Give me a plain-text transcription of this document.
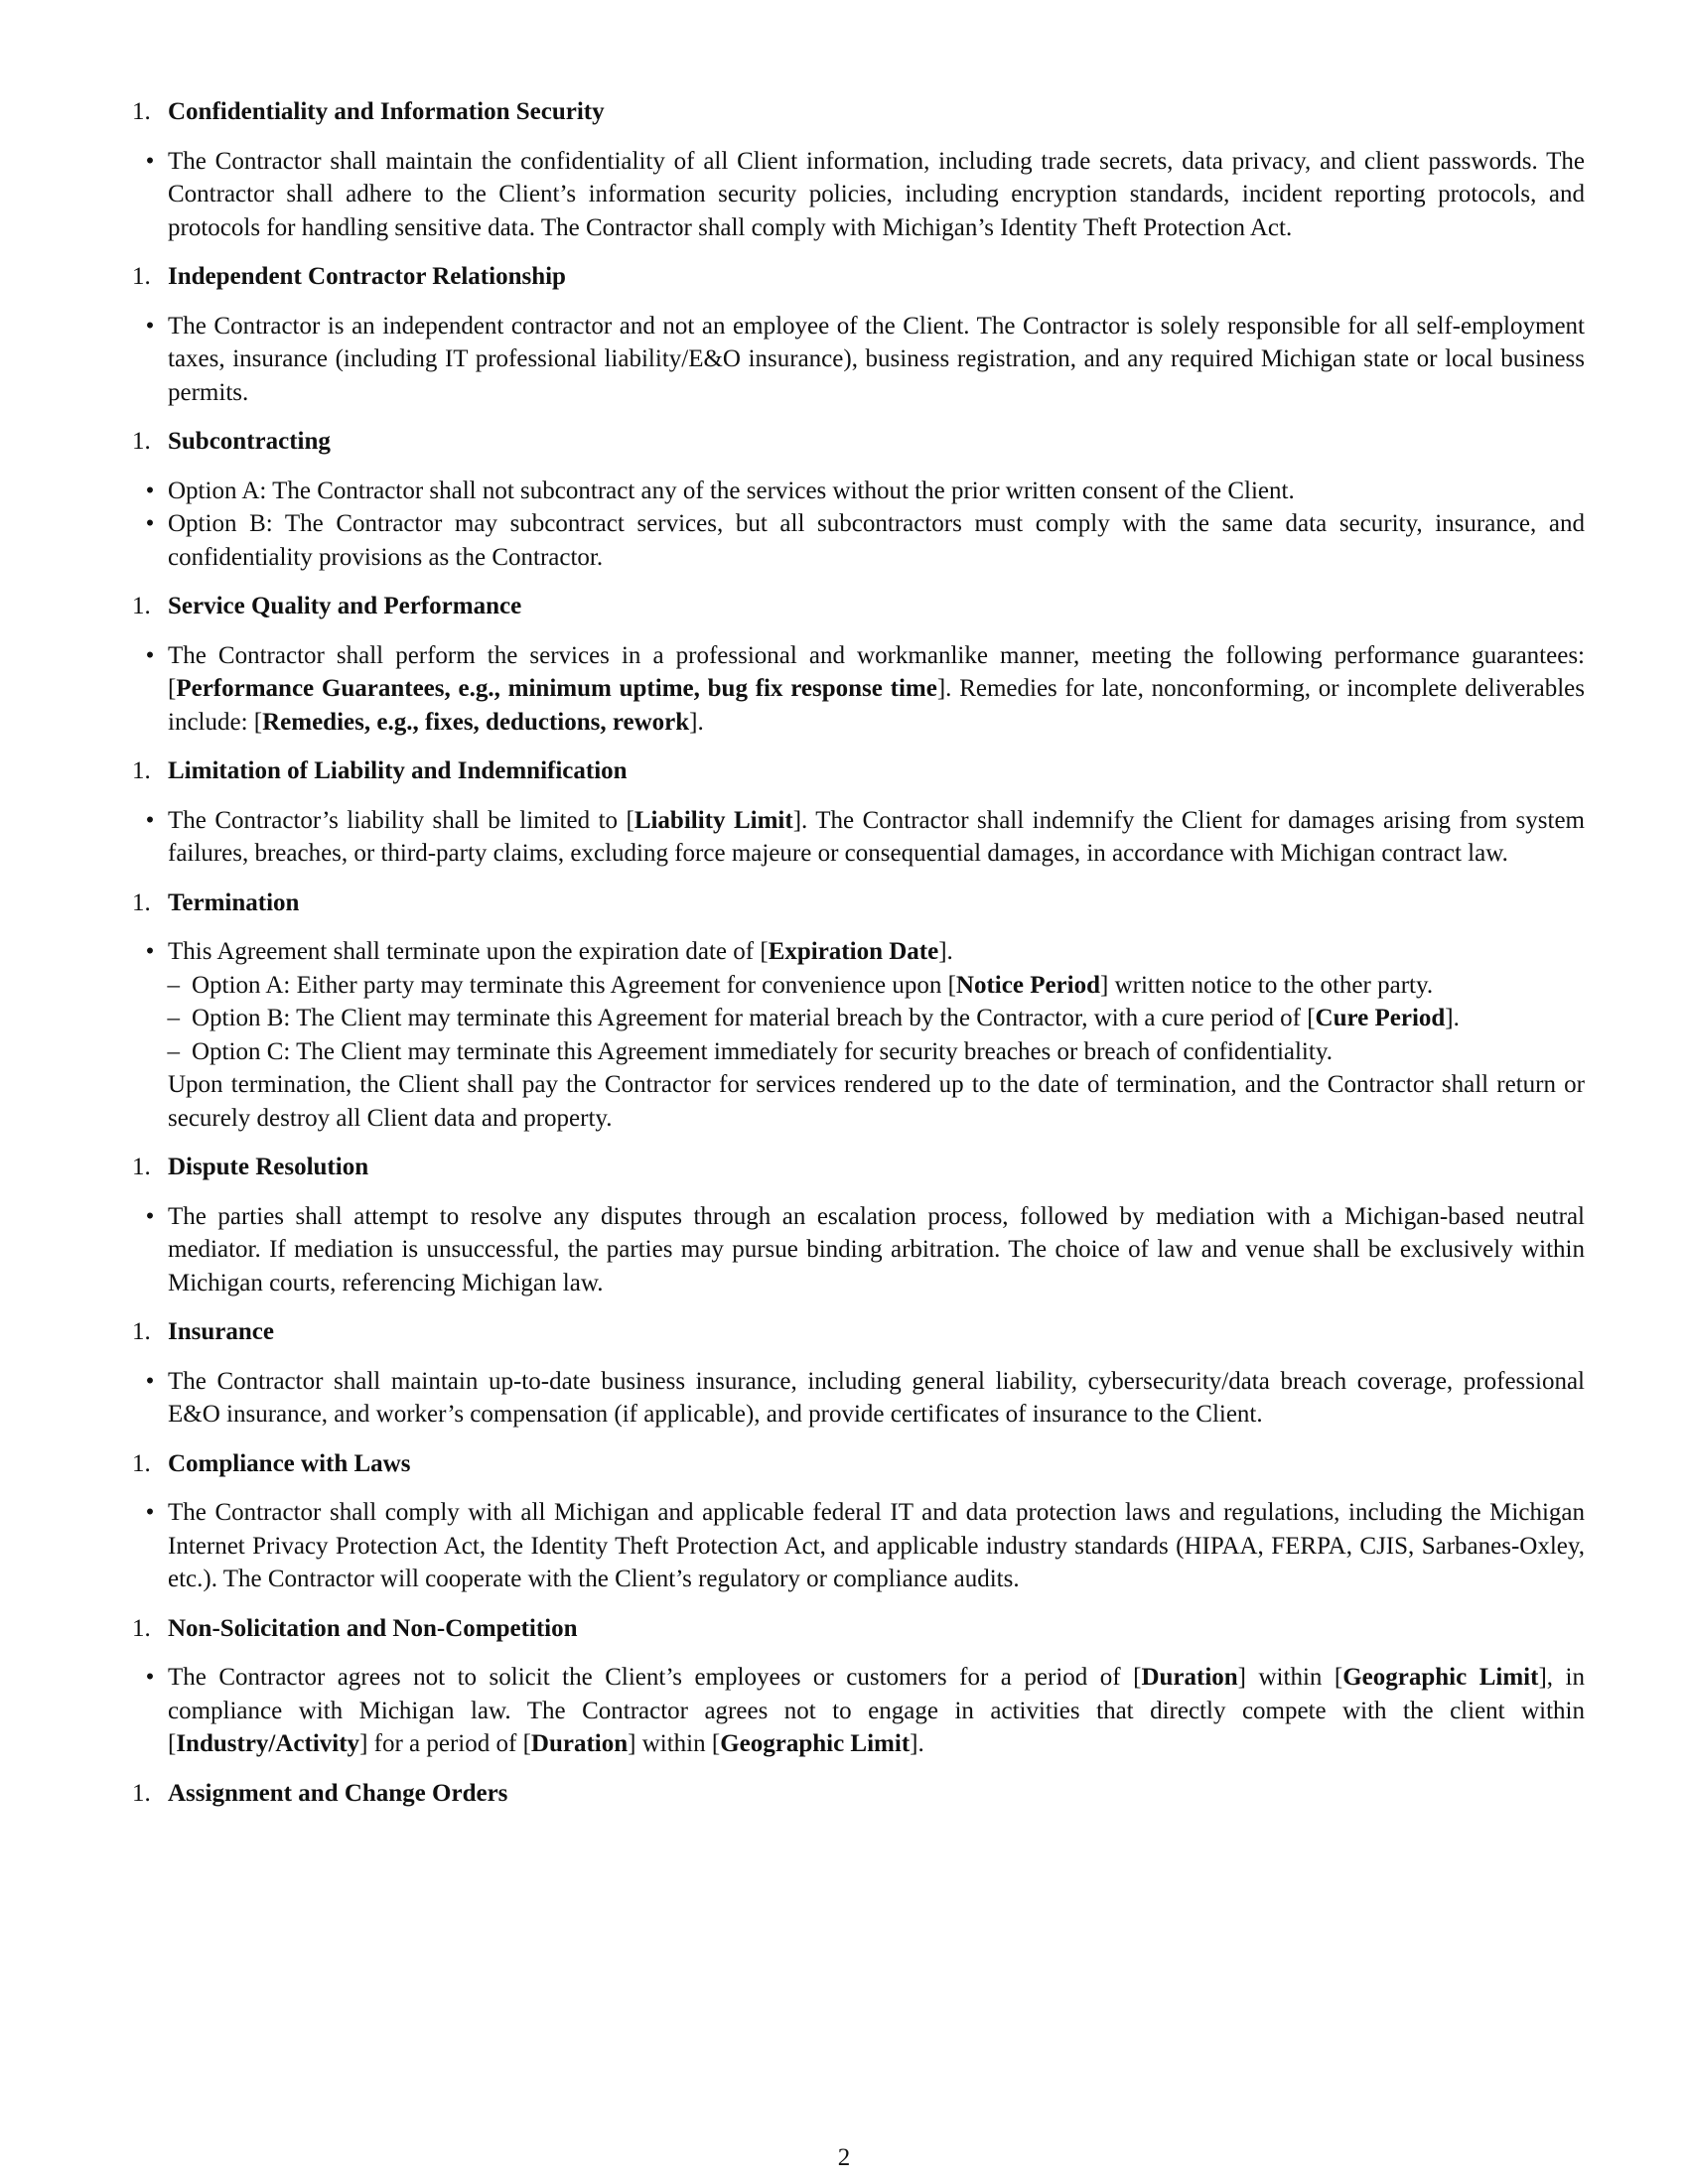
1. Confidentiality and Information Security
• The Contractor shall maintain the confidentiality of all Client information, including trade secrets, data privacy, and client passwords. The Contractor shall adhere to the Client’s information security policies, including encryption standards, incident reporting protocols, and protocols for handling sensitive data. The Contractor shall comply with Michigan’s Identity Theft Protection Act.
1. Independent Contractor Relationship
• The Contractor is an independent contractor and not an employee of the Client. The Contractor is solely responsible for all self-employment taxes, insurance (including IT professional liability/E&O insurance), business registration, and any required Michigan state or local business permits.
1. Subcontracting
• Option A: The Contractor shall not subcontract any of the services without the prior written consent of the Client.
• Option B: The Contractor may subcontract services, but all subcontractors must comply with the same data security, insurance, and confidentiality provisions as the Contractor.
1. Service Quality and Performance
• The Contractor shall perform the services in a professional and workmanlike manner, meeting the following performance guarantees: [Performance Guarantees, e.g., minimum uptime, bug fix response time]. Remedies for late, nonconforming, or incomplete deliverables include: [Remedies, e.g., fixes, deductions, rework].
1. Limitation of Liability and Indemnification
• The Contractor’s liability shall be limited to [Liability Limit]. The Contractor shall indemnify the Client for damages arising from system failures, breaches, or third-party claims, excluding force majeure or consequential damages, in accordance with Michigan contract law.
1. Termination
• This Agreement shall terminate upon the expiration date of [Expiration Date].
– Option A: Either party may terminate this Agreement for convenience upon [Notice Period] written notice to the other party.
– Option B: The Client may terminate this Agreement for material breach by the Contractor, with a cure period of [Cure Period].
– Option C: The Client may terminate this Agreement immediately for security breaches or breach of confidentiality.
Upon termination, the Client shall pay the Contractor for services rendered up to the date of termination, and the Contractor shall return or securely destroy all Client data and property.
1. Dispute Resolution
• The parties shall attempt to resolve any disputes through an escalation process, followed by mediation with a Michigan-based neutral mediator. If mediation is unsuccessful, the parties may pursue binding arbitration. The choice of law and venue shall be exclusively within Michigan courts, referencing Michigan law.
1. Insurance
• The Contractor shall maintain up-to-date business insurance, including general liability, cybersecurity/data breach coverage, professional E&O insurance, and worker’s compensation (if applicable), and provide certificates of insurance to the Client.
1. Compliance with Laws
• The Contractor shall comply with all Michigan and applicable federal IT and data protection laws and regulations, including the Michigan Internet Privacy Protection Act, the Identity Theft Protection Act, and applicable industry standards (HIPAA, FERPA, CJIS, Sarbanes-Oxley, etc.). The Contractor will cooperate with the Client’s regulatory or compliance audits.
1. Non-Solicitation and Non-Competition
• The Contractor agrees not to solicit the Client’s employees or customers for a period of [Duration] within [Geographic Limit], in compliance with Michigan law. The Contractor agrees not to engage in activities that directly compete with the client within [Industry/Activity] for a period of [Duration] within [Geographic Limit].
1. Assignment and Change Orders
2
